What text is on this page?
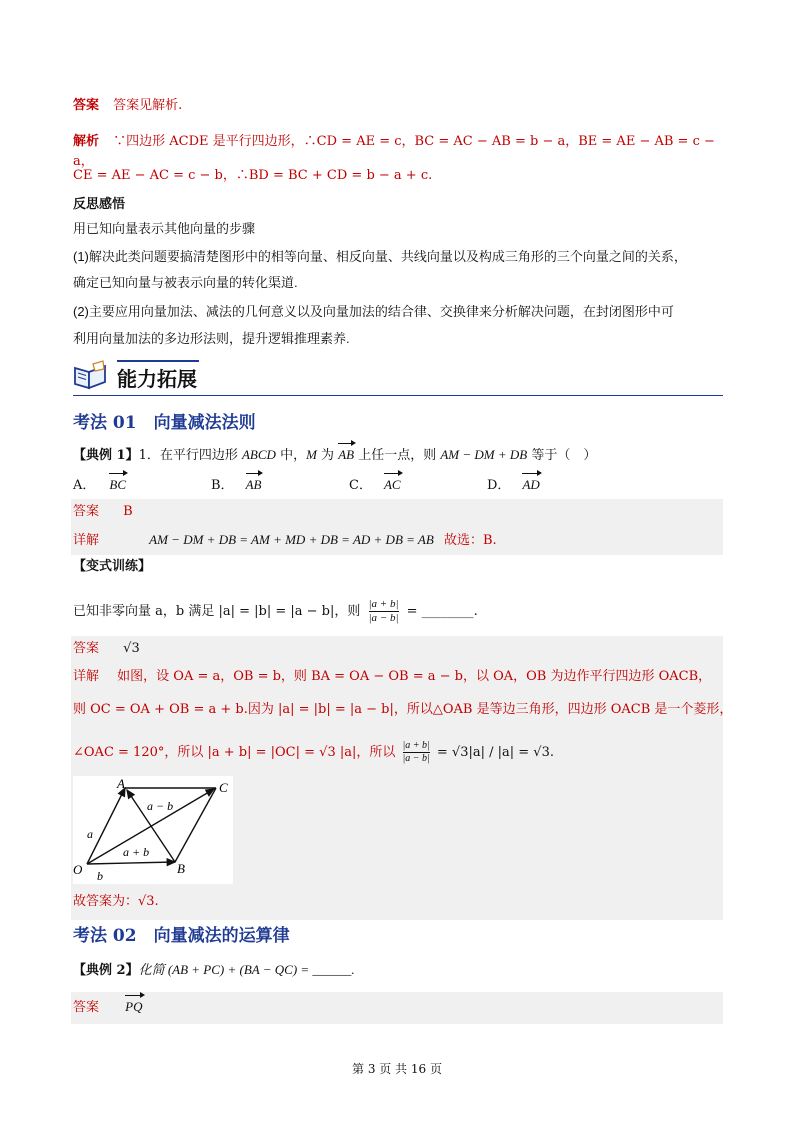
答案 答案见解析.
解析 ∵四边形 ACDE 是平行四边形，∴CD = AE = c，BC = AC − AB = b − a，BE = AE − AB = c − a，
CE = AE − AC = c − b，∴BD = BC + CD = b − a + c.
反思感悟
用已知向量表示其他向量的步骤
(1)解决此类问题要搞清楚图形中的相等向量、相反向量、共线向量以及构成三角形的三个向量之间的关系，
确定已知向量与被表示向量的转化渠道.
(2)主要应用向量加法、减法的几何意义以及向量加法的结合律、交换律来分析解决问题，在封闭图形中可
利用向量加法的多边形法则，提升逻辑推理素养.
能力拓展
考法 01　向量减法法则
【典例 1】1．在平行四边形 ABCD 中，M 为 AB 上任一点，则 AM − DM + DB 等于（　）
A． BC	B． AB	C． AC	D． AD
答案 B
详解	AM − DM + DB = AM + MD + DB = AD + DB = AB 故选：B.
【变式训练】
已知非零向量 a，b 满足 |a| = |b| = |a − b|，则 $\frac{|a + b|}{|a - b|}$ = ________.
答案 √3
详解 如图，设 OA = a，OB = b，则 BA = OA − OB = a − b，以 OA，OB 为边作平行四边形 OACB，
则 OC = OA + OB = a + b.因为 |a| = |b| = |a − b|，所以△OAB 是等边三角形，四边形 OACB 是一个菱形，
∠OAC = 120°，所以 |a + b| = |OC| = √3 |a|，所以 $\frac{|a + b|}{|a - b|} = √3|a| / |a| = √3$.
A	C
O	B
a − b
a + b
a
b
故答案为：√3.
考法 02　向量减法的运算律
【典例 2】化简 (AB + PC) + (BA − QC) = ______.
答案 PQ
第 3 页 共 16 页
